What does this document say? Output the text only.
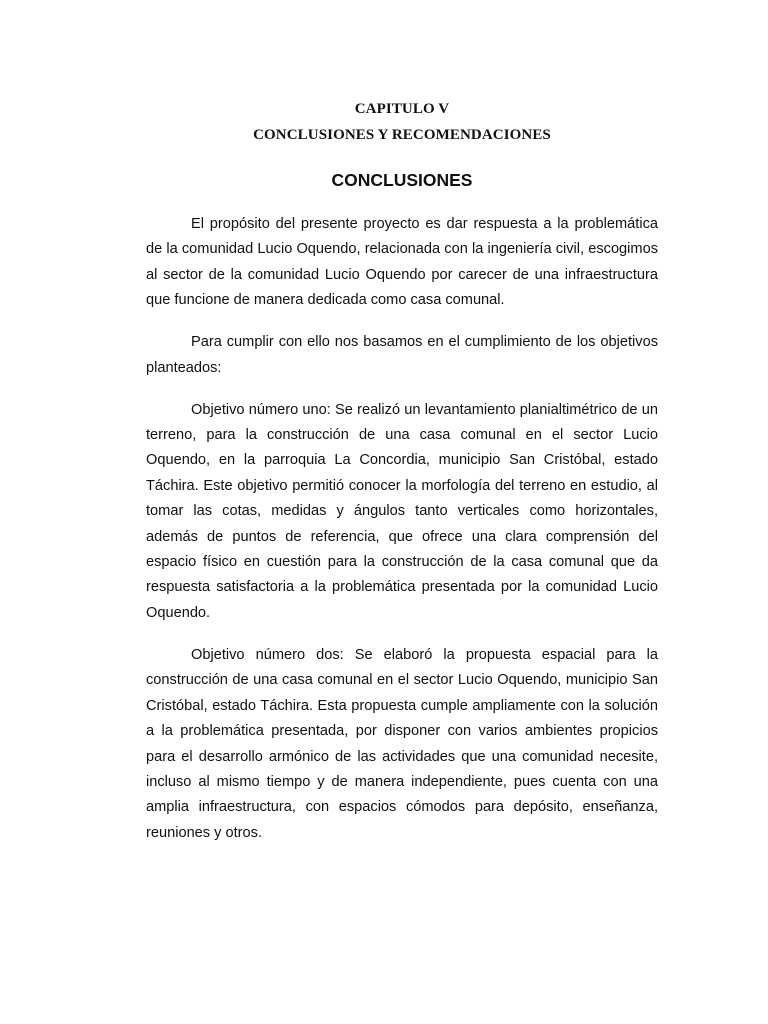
CAPITULO V

CONCLUSIONES Y RECOMENDACIONES

CONCLUSIONES

El propósito del presente proyecto es dar respuesta a la problemática de la comunidad Lucio Oquendo, relacionada con la ingeniería civil, escogimos al sector de la comunidad Lucio Oquendo por carecer de una infraestructura que funcione de manera dedicada como casa comunal.

Para cumplir con ello nos basamos en el cumplimiento de los objetivos planteados:

Objetivo número uno: Se realizó un levantamiento planialtimétrico de un terreno, para la construcción de una casa comunal en el sector Lucio Oquendo, en la parroquia La Concordia, municipio San Cristóbal, estado Táchira. Este objetivo permitió conocer la morfología del terreno en estudio, al tomar las cotas, medidas y ángulos tanto verticales como horizontales,  además de puntos de referencia, que ofrece una clara comprensión del espacio físico en cuestión para la construcción de la casa comunal que da respuesta satisfactoria a la problemática presentada por la comunidad Lucio Oquendo.

Objetivo número dos: Se elaboró la propuesta espacial para la construcción de una casa comunal en el sector Lucio Oquendo, municipio San Cristóbal, estado Táchira. Esta propuesta cumple ampliamente con la solución a la problemática presentada, por disponer con varios ambientes propicios para el desarrollo armónico de las actividades que una comunidad necesite, incluso al mismo tiempo y de manera independiente, pues cuenta con una amplia infraestructura, con espacios cómodos para depósito, enseñanza, reuniones y otros.
